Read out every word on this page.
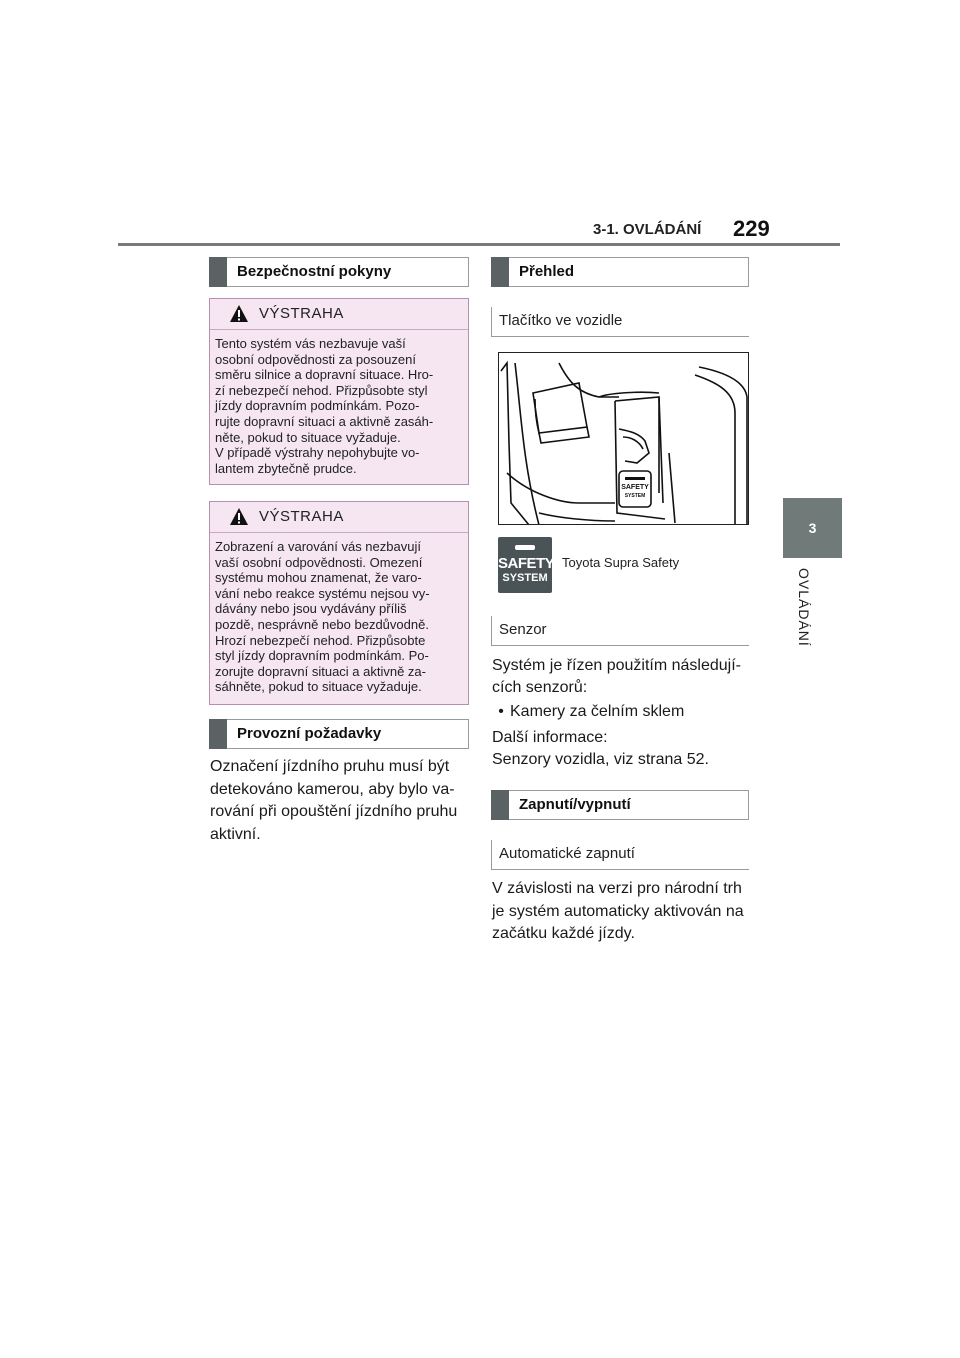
3-1. OVLÁDÁNÍ 229
3
OVLÁDÁNÍ
Bezpečnostní pokyny
VÝSTRAHA
Tento systém vás nezbavuje vaší
osobní odpovědnosti za posouzení
směru silnice a dopravní situace. Hro-
zí nebezpečí nehod. Přizpůsobte styl
jízdy dopravním podmínkám. Pozo-
rujte dopravní situaci a aktivně zasáh-
něte, pokud to situace vyžaduje.
V případě výstrahy nepohybujte vo-
lantem zbytečně prudce.
VÝSTRAHA
Zobrazení a varování vás nezbavují
vaší osobní odpovědnosti. Omezení
systému mohou znamenat, že varo-
vání nebo reakce systému nejsou vy-
dávány nebo jsou vydávány příliš
pozdě, nesprávně nebo bezdůvodně.
Hrozí nebezpečí nehod. Přizpůsobte
styl jízdy dopravním podmínkám. Po-
zorujte dopravní situaci a aktivně za-
sáhněte, pokud to situace vyžaduje.
Provozní požadavky
Označení jízdního pruhu musí být
detekováno kamerou, aby bylo va-
rování při opouštění jízdního pruhu
aktivní.
Přehled
Tlačítko ve vozidle
SAFETY
SYSTEM
SAFETY
SYSTEM
Toyota Supra Safety
Senzor
Systém je řízen použitím následují-
cích senzorů:
• Kamery za čelním sklem
Další informace:
Senzory vozidla, viz strana 52.
Zapnutí/vypnutí
Automatické zapnutí
V závislosti na verzi pro národní trh
je systém automaticky aktivován na
začátku každé jízdy.
